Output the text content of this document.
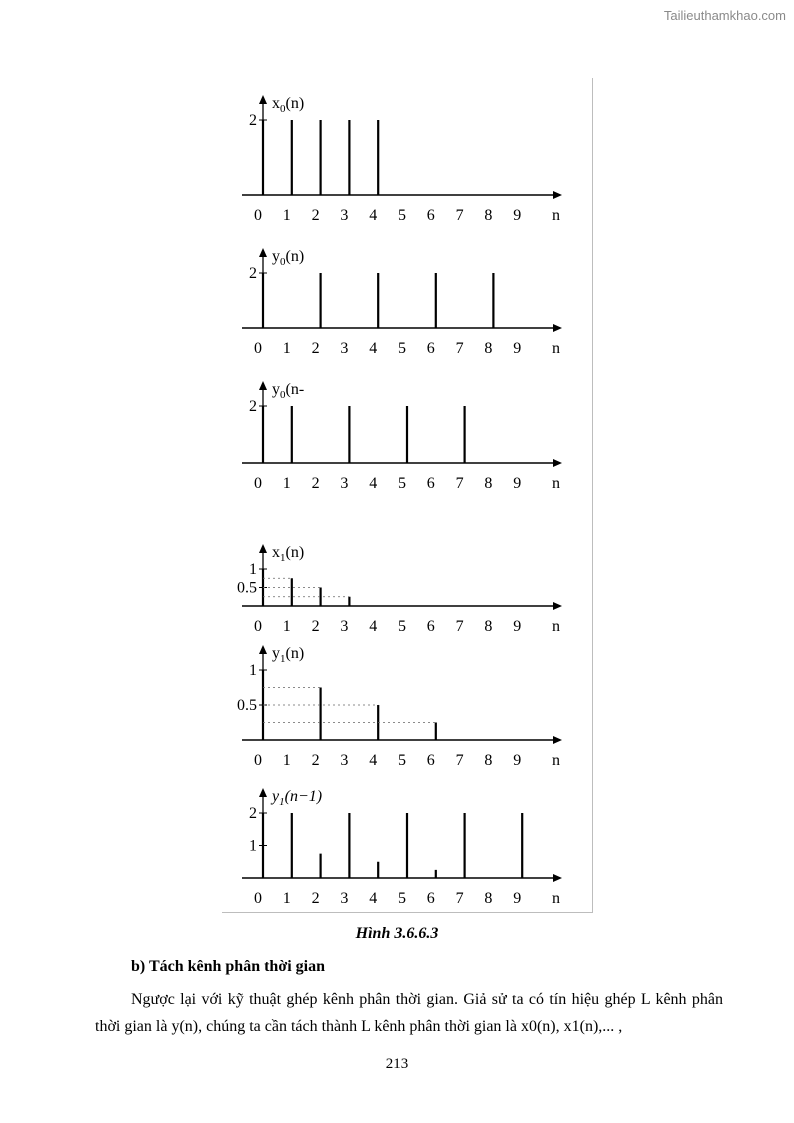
Tailieuthamkhao.com
2
0 1 2 3 4 5 6 7 8 9 n
$x_0(n)$
2
0 1 2 3 4 5 6 7 8 9 n
$y_0(n)$
2
0 1 2 3 4 5 6 7 8 9 n
$y_0(n-$
1
0.5
0 1 2 3 4 5 6 7 8 9 n
$x_1(n)$
1
0.5
0 1 2 3 4 5 6 7 8 9 n
$y_1(n)$
2
1
0 1 2 3 4 5 6 7 8 9 n
$y_1(n-1)$
Hình 3.6.6.3
b) Tách kênh phân thời gian
Ngược lại với kỹ thuật ghép kênh phân thời gian. Giả sử ta có tín hiệu ghép L kênh phân thời gian là y(n), chúng ta cần tách thành L kênh phân thời gian là x0(n), x1(n),... ,
213
